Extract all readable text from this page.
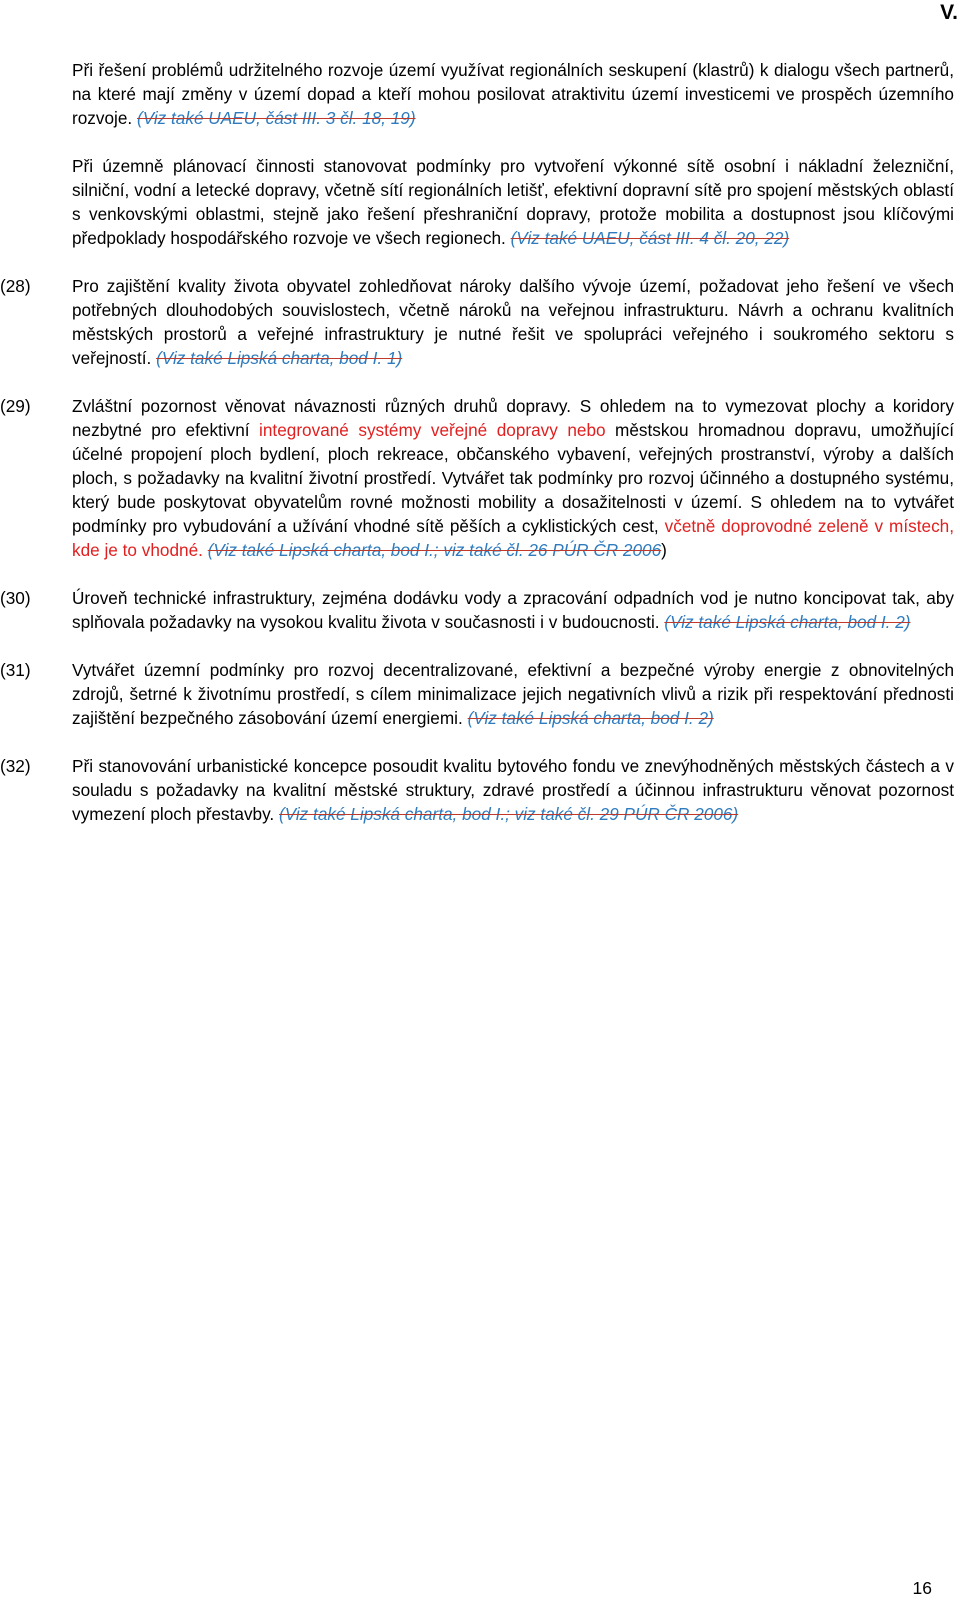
V.

Při řešení problémů udržitelného rozvoje území využívat regionálních seskupení (klastrů) k dialogu všech partnerů, na které mají změny v území dopad a kteří mohou posilovat atraktivitu území investicemi ve prospěch územního rozvoje. (Viz také UAEU, část III. 3 čl. 18, 19)

Při územně plánovací činnosti stanovovat podmínky pro vytvoření výkonné sítě osobní i nákladní železniční, silniční, vodní a letecké dopravy, včetně sítí regionálních letišť, efektivní dopravní sítě pro spojení městských oblastí s venkovskými oblastmi, stejně jako řešení přeshraniční dopravy, protože mobilita a dostupnost jsou klíčovými předpoklady hospodářského rozvoje ve všech regionech. (Viz také UAEU, část III. 4 čl. 20, 22)

(28) Pro zajištění kvality života obyvatel zohledňovat nároky dalšího vývoje území, požadovat jeho řešení ve všech potřebných dlouhodobých souvislostech, včetně nároků na veřejnou infrastrukturu. Návrh a ochranu kvalitních městských prostorů a veřejné infrastruktury je nutné řešit ve spolupráci veřejného i soukromého sektoru s veřejností. (Viz také Lipská charta, bod I. 1)

(29) Zvláštní pozornost věnovat návaznosti různých druhů dopravy. S ohledem na to vymezovat plochy a koridory nezbytné pro efektivní integrované systémy veřejné dopravy nebo městskou hromadnou dopravu, umožňující účelné propojení ploch bydlení, ploch rekreace, občanského vybavení, veřejných prostranství, výroby a dalších ploch, s požadavky na kvalitní životní prostředí. Vytvářet tak podmínky pro rozvoj účinného a dostupného systému, který bude poskytovat obyvatelům rovné možnosti mobility a dosažitelnosti v území. S ohledem na to vytvářet podmínky pro vybudování a užívání vhodné sítě pěších a cyklistických cest, včetně doprovodné zeleně v místech, kde je to vhodné. (Viz také Lipská charta, bod I.; viz také čl. 26 PÚR ČR 2006)

(30) Úroveň technické infrastruktury, zejména dodávku vody a zpracování odpadních vod je nutno koncipovat tak, aby splňovala požadavky na vysokou kvalitu života v současnosti i v budoucnosti. (Viz také Lipská charta, bod I. 2)

(31) Vytvářet územní podmínky pro rozvoj decentralizované, efektivní a bezpečné výroby energie z obnovitelných zdrojů, šetrné k životnímu prostředí, s cílem minimalizace jejich negativních vlivů a rizik při respektování přednosti zajištění bezpečného zásobování území energiemi. (Viz také Lipská charta, bod I. 2)

(32) Při stanovování urbanistické koncepce posoudit kvalitu bytového fondu ve znevýhodněných městských částech a v souladu s požadavky na kvalitní městské struktury, zdravé prostředí a účinnou infrastrukturu věnovat pozornost vymezení ploch přestavby. (Viz také Lipská charta, bod I.; viz také čl. 29 PÚR ČR 2006)

16
